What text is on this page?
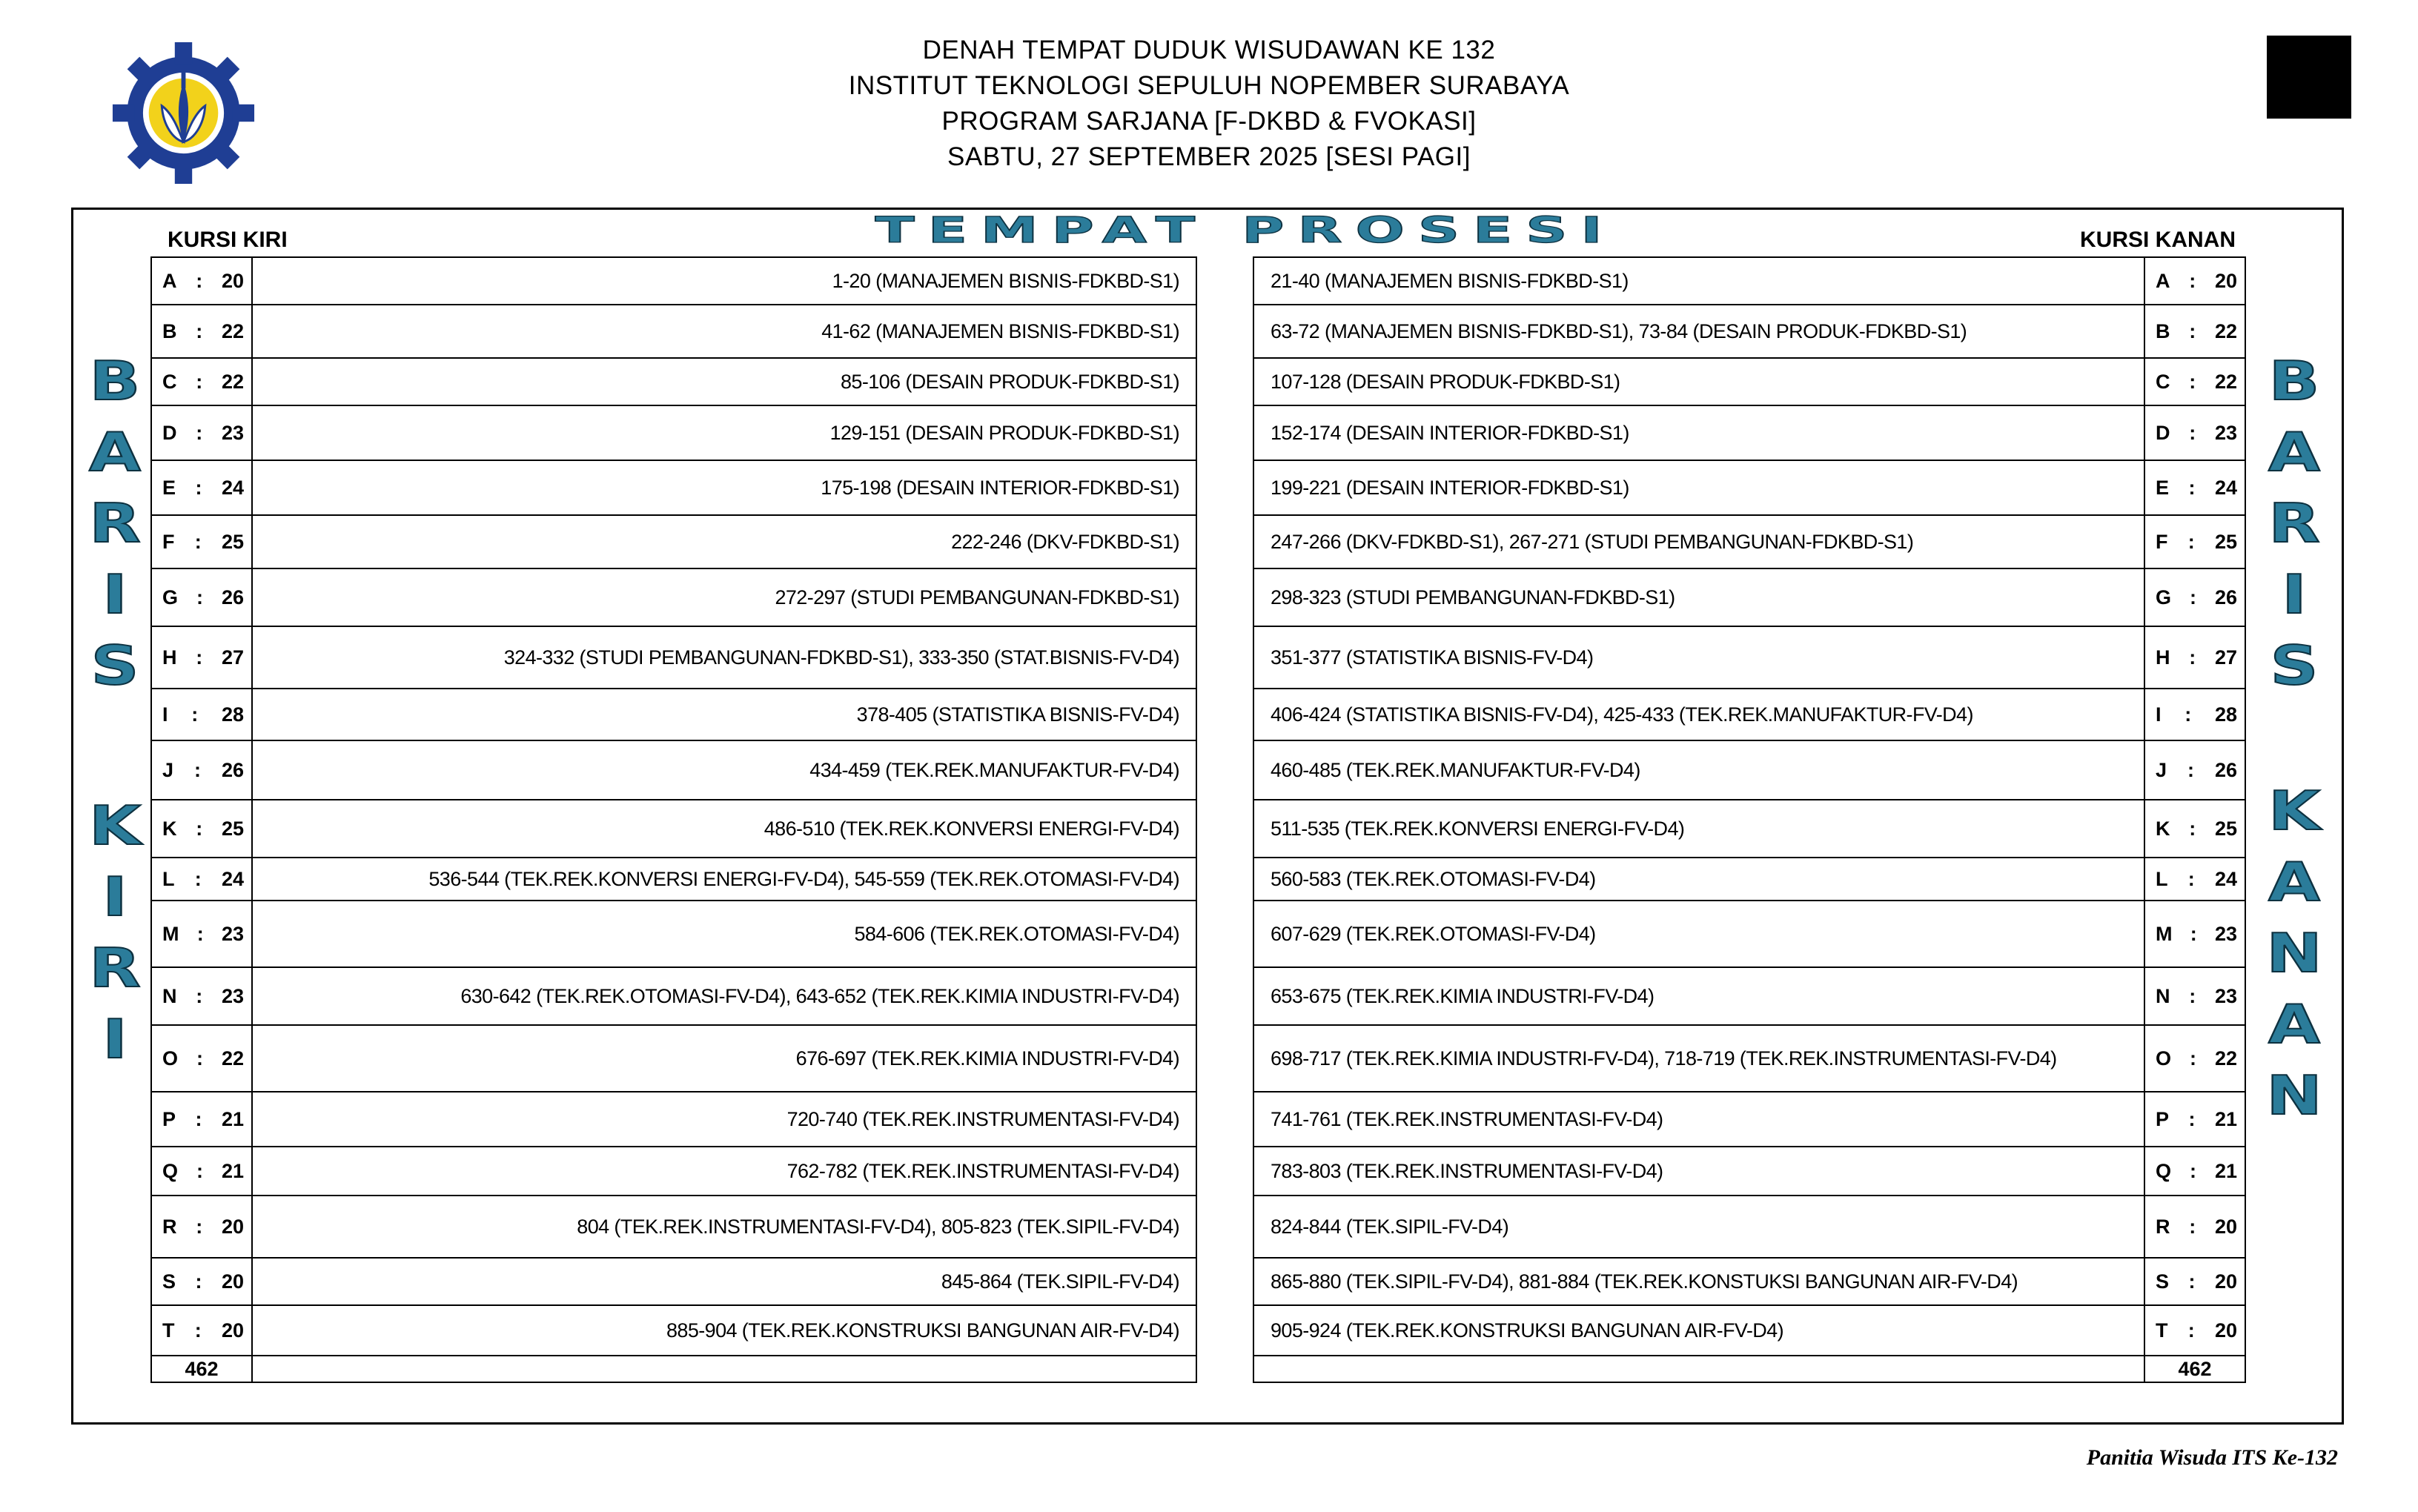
DENAH TEMPAT DUDUK WISUDAWAN KE 132
INSTITUT TEKNOLOGI SEPULUH NOPEMBER SURABAYA
PROGRAM SARJANA [F-DKBD & FVOKASI]
SABTU, 27 SEPTEMBER 2025 [SESI PAGI]
TEMPAT PROSESI
KURSI KIRI	KURSI KANAN
B
A
R
I
S
K
I
R
I
B
A
R
I
S
K
A
N
A
N
A : 20	1-20 (MANAJEMEN BISNIS-FDKBD-S1)

B : 22	41-62 (MANAJEMEN BISNIS-FDKBD-S1)

C : 22	85-106 (DESAIN PRODUK-FDKBD-S1)

D : 23	129-151 (DESAIN PRODUK-FDKBD-S1)

E : 24	175-198 (DESAIN INTERIOR-FDKBD-S1)

F : 25	222-246 (DKV-FDKBD-S1)

G : 26	272-297 (STUDI PEMBANGUNAN-FDKBD-S1)

H : 27	324-332 (STUDI PEMBANGUNAN-FDKBD-S1), 333-350 (STAT.BISNIS-FV-D4)

I : 28	378-405 (STATISTIKA BISNIS-FV-D4)

J : 26	434-459 (TEK.REK.MANUFAKTUR-FV-D4)

K : 25	486-510 (TEK.REK.KONVERSI ENERGI-FV-D4)

L : 24	536-544 (TEK.REK.KONVERSI ENERGI-FV-D4), 545-559 (TEK.REK.OTOMASI-FV-D4)

M : 23	584-606 (TEK.REK.OTOMASI-FV-D4)

N : 23	630-642 (TEK.REK.OTOMASI-FV-D4), 643-652 (TEK.REK.KIMIA INDUSTRI-FV-D4)

O : 22	676-697 (TEK.REK.KIMIA INDUSTRI-FV-D4)

P : 21	720-740 (TEK.REK.INSTRUMENTASI-FV-D4)

Q : 21	762-782 (TEK.REK.INSTRUMENTASI-FV-D4)

R : 20	804 (TEK.REK.INSTRUMENTASI-FV-D4), 805-823 (TEK.SIPIL-FV-D4)

S : 20	845-864 (TEK.SIPIL-FV-D4)

T : 20	885-904 (TEK.REK.KONSTRUKSI BANGUNAN AIR-FV-D4)
462	
21-40 (MANAJEMEN BISNIS-FDKBD-S1)	A : 20

63-72 (MANAJEMEN BISNIS-FDKBD-S1), 73-84 (DESAIN PRODUK-FDKBD-S1)	B : 22

107-128 (DESAIN PRODUK-FDKBD-S1)	C : 22

152-174 (DESAIN INTERIOR-FDKBD-S1)	D : 23

199-221 (DESAIN INTERIOR-FDKBD-S1)	E : 24

247-266 (DKV-FDKBD-S1), 267-271 (STUDI PEMBANGUNAN-FDKBD-S1)	F : 25

298-323 (STUDI PEMBANGUNAN-FDKBD-S1)	G : 26

351-377 (STATISTIKA BISNIS-FV-D4)	H : 27

406-424 (STATISTIKA BISNIS-FV-D4), 425-433 (TEK.REK.MANUFAKTUR-FV-D4)	I : 28

460-485 (TEK.REK.MANUFAKTUR-FV-D4)	J : 26

511-535 (TEK.REK.KONVERSI ENERGI-FV-D4)	K : 25

560-583 (TEK.REK.OTOMASI-FV-D4)	L : 24

607-629 (TEK.REK.OTOMASI-FV-D4)	M : 23

653-675 (TEK.REK.KIMIA INDUSTRI-FV-D4)	N : 23

698-717 (TEK.REK.KIMIA INDUSTRI-FV-D4), 718-719 (TEK.REK.INSTRUMENTASI-FV-D4)	O : 22

741-761 (TEK.REK.INSTRUMENTASI-FV-D4)	P : 21

783-803 (TEK.REK.INSTRUMENTASI-FV-D4)	Q : 21

824-844 (TEK.SIPIL-FV-D4)	R : 20

865-880 (TEK.SIPIL-FV-D4), 881-884 (TEK.REK.KONSTUKSI BANGUNAN AIR-FV-D4)	S : 20

905-924 (TEK.REK.KONSTRUKSI BANGUNAN AIR-FV-D4)	T : 20

	462
Panitia Wisuda ITS Ke-132
